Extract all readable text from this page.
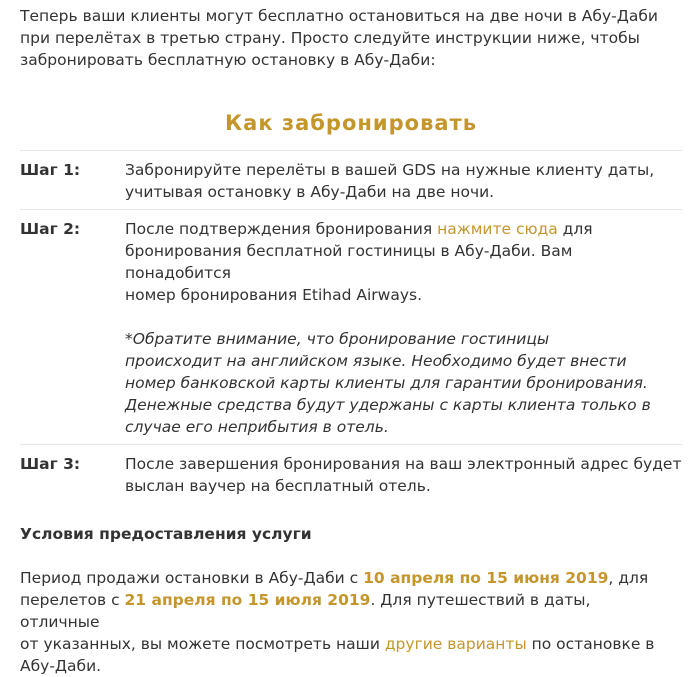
Теперь ваши клиенты могут бесплатно остановиться на две ночи в Абу-Даби
при перелётах в третью страну. Просто следуйте инструкции ниже, чтобы
забронировать бесплатную остановку в Абу-Даби:
Как забронировать
Шаг 1:	Забронируйте перелёты в вашей GDS на нужные клиенту даты,
учитывая остановку в Абу-Даби на две ночи.
Шаг 2:	После подтверждения бронирования нажмите сюда для
бронирования бесплатной гостиницы в Абу-Даби. Вам понадобится
номер бронирования Etihad Airways.
*Обратите внимание, что бронирование гостиницы
происходит на английском языке. Необходимо будет внести
номер банковской карты клиенты для гарантии бронирования.
Денежные средства будут удержаны с карты клиента только в
случае его неприбытия в отель.
Шаг 3:	После завершения бронирования на ваш электронный адрес будет
выслан ваучер на бесплатный отель.
Условия предоставления услуги
Период продажи остановки в Абу-Даби с 10 апреля по 15 июня 2019, для
перелетов с 21 апреля по 15 июля 2019. Для путешествий в даты, отличные
от указанных, вы можете посмотреть наши другие варианты по остановке в
Абу-Даби.
